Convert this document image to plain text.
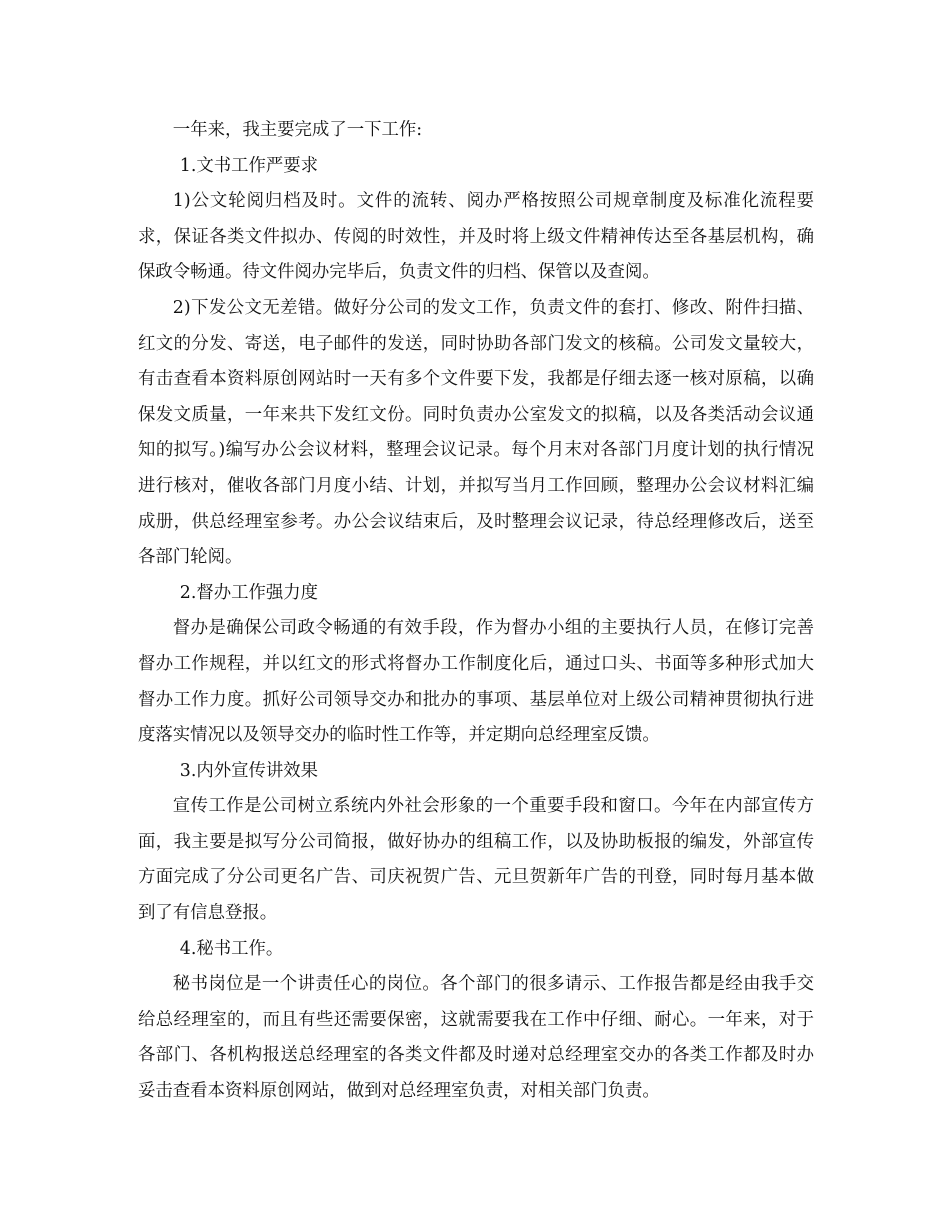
一年来，我主要完成了一下工作:

1.文书工作严要求

1)公文轮阅归档及时。文件的流转、阅办严格按照公司规章制度及标准化流程要求，保证各类文件拟办、传阅的时效性，并及时将上级文件精神传达至各基层机构，确保政令畅通。待文件阅办完毕后，负责文件的归档、保管以及查阅。

2)下发公文无差错。做好分公司的发文工作，负责文件的套打、修改、附件扫描、红文的分发、寄送，电子邮件的发送，同时协助各部门发文的核稿。公司发文量较大，有击查看本资料原创网站时一天有多个文件要下发，我都是仔细去逐一核对原稿，以确保发文质量，一年来共下发红文份。同时负责办公室发文的拟稿，以及各类活动会议通知的拟写。)编写办公会议材料，整理会议记录。每个月末对各部门月度计划的执行情况进行核对，催收各部门月度小结、计划，并拟写当月工作回顾，整理办公会议材料汇编成册，供总经理室参考。办公会议结束后，及时整理会议记录，待总经理修改后，送至各部门轮阅。

2.督办工作强力度

督办是确保公司政令畅通的有效手段，作为督办小组的主要执行人员，在修订完善督办工作规程，并以红文的形式将督办工作制度化后，通过口头、书面等多种形式加大督办工作力度。抓好公司领导交办和批办的事项、基层单位对上级公司精神贯彻执行进度落实情况以及领导交办的临时性工作等，并定期向总经理室反馈。

3.内外宣传讲效果

宣传工作是公司树立系统内外社会形象的一个重要手段和窗口。今年在内部宣传方面，我主要是拟写分公司简报，做好协办的组稿工作，以及协助板报的编发，外部宣传方面完成了分公司更名广告、司庆祝贺广告、元旦贺新年广告的刊登，同时每月基本做到了有信息登报。

4.秘书工作。

秘书岗位是一个讲责任心的岗位。各个部门的很多请示、工作报告都是经由我手交给总经理室的，而且有些还需要保密，这就需要我在工作中仔细、耐心。一年来，对于各部门、各机构报送总经理室的各类文件都及时递对总经理室交办的各类工作都及时办妥击查看本资料原创网站，做到对总经理室负责，对相关部门负责。
